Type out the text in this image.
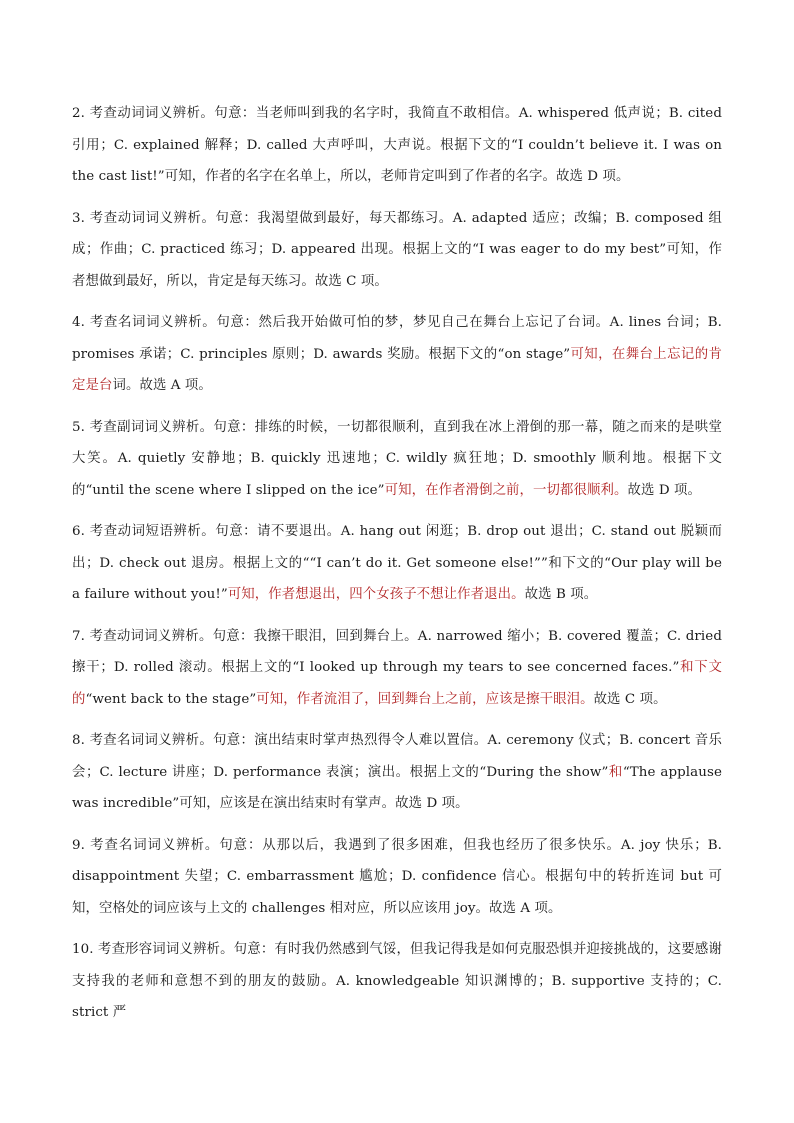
2. 考查动词词义辨析。句意：当老师叫到我的名字时，我简直不敢相信。A. whispered 低声说；B. cited 引用；C. explained 解释；D. called 大声呼叫，大声说。根据下文的“I couldn’t believe it. I was on the cast list!”可知，作者的名字在名单上，所以，老师肯定叫到了作者的名字。故选 D 项。

3. 考查动词词义辨析。句意：我渴望做到最好，每天都练习。A. adapted 适应；改编；B. composed 组成；作曲；C. practiced 练习；D. appeared 出现。根据上文的“I was eager to do my best”可知，作者想做到最好，所以，肯定是每天练习。故选 C 项。

4. 考查名词词义辨析。句意：然后我开始做可怕的梦，梦见自己在舞台上忘记了台词。A. lines 台词；B. promises 承诺；C. principles 原则；D. awards 奖励。根据下文的“on stage”可知，在舞台上忘记的肯定是台词。故选 A 项。

5. 考查副词词义辨析。句意：排练的时候，一切都很顺利，直到我在冰上滑倒的那一幕，随之而来的是哄堂大笑。A. quietly 安静地；B. quickly 迅速地；C. wildly 疯狂地；D. smoothly 顺利地。根据下文的“until the scene where I slipped on the ice”可知，在作者滑倒之前，一切都很顺利。故选 D 项。

6. 考查动词短语辨析。句意：请不要退出。A. hang out 闲逛；B. drop out 退出；C. stand out 脱颖而出；D. check out 退房。根据上文的““I can’t do it. Get someone else!””和下文的“Our play will be a failure without you!”可知，作者想退出，四个女孩子不想让作者退出。故选 B 项。

7. 考查动词词义辨析。句意：我擦干眼泪，回到舞台上。A. narrowed 缩小；B. covered 覆盖；C. dried 擦干；D. rolled 滚动。根据上文的“I looked up through my tears to see concerned faces.”和下文的“went back to the stage”可知，作者流泪了，回到舞台上之前，应该是擦干眼泪。故选 C 项。

8. 考查名词词义辨析。句意：演出结束时掌声热烈得令人难以置信。A. ceremony 仪式；B. concert 音乐会；C. lecture 讲座；D. performance 表演；演出。根据上文的“During the show”和“The applause was incredible”可知，应该是在演出结束时有掌声。故选 D 项。

9. 考查名词词义辨析。句意：从那以后，我遇到了很多困难，但我也经历了很多快乐。A. joy 快乐；B. disappointment 失望；C. embarrassment 尴尬；D. confidence 信心。根据句中的转折连词 but 可知，空格处的词应该与上文的 challenges 相对应，所以应该用 joy。故选 A 项。

10. 考查形容词词义辨析。句意：有时我仍然感到气馁，但我记得我是如何克服恐惧并迎接挑战的，这要感谢支持我的老师和意想不到的朋友的鼓励。A. knowledgeable 知识渊博的；B. supportive 支持的；C. strict 严
